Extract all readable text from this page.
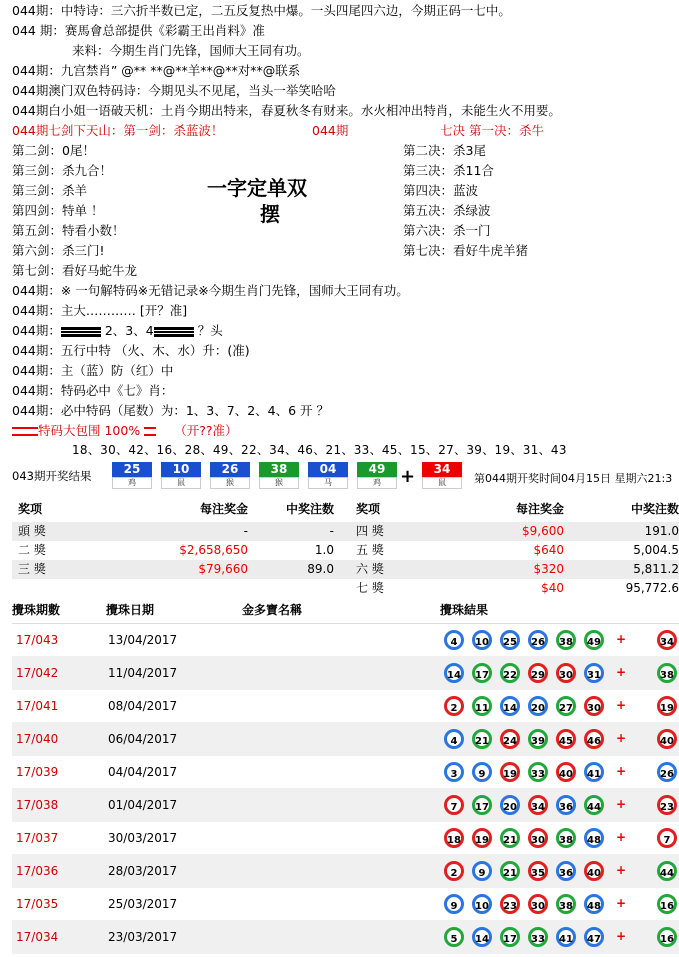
044期：中特诗：三六折半数已定，二五反复热中爆。一头四尾四六边，今期正码一七中。
044 期：赛馬會总部提供《彩霸王出肖料》准
来料：今期生肖门先锋，国师大王同有功。
044期：九宫禁肖” @** **@**羊**@**对**@联系
044期澳门双色特码诗：今期见头不见尾，当头一举笑哈哈
044期白小姐一语破天机：土肖今期出特来，春夏秋冬有财来。水火相冲出特肖，未能生火不用要。
044期七剑下天山：第一剑：杀蓝波！	044期	七决 第一决：杀牛
第二剑：0尾！
第三剑：杀九合！
第三剑：杀羊
第四剑：特单 ！
第五剑：特看小数！
第六剑：杀三门!
第七剑：看好马蛇牛龙
第二决：杀3尾
第三决：杀11合
第四决：蓝波
第五决：杀绿波
第六决：杀一门
第七决：看好牛虎羊猪
一字定单双
摆
044期：※ 一句解特码※无错记录※今期生肖门先锋，国师大王同有功。
044期：主大………… [开？准]
044期：	2、3、4	？头
044期：五行中特 （火、木、水）升：(准)
044期：主（蓝）防（红）中
044期：特码必中《七》肖：
044期：必中特码（尾数）为：1、3、7、2、4、6 开 ？
特码大包围 100%	（开??准）
18、30、42、16、28、49、22、34、46、21、33、45、15、27、39、19、31、43
043期开奖结果	25
鸡
10
鼠
26
猴
38
猴
04
马
49
鸡
34
鼠
+	第044期开奖时间04月15日 星期六21:3
奖项	每注奖金	中奖注数 奖项	每注奖金	中奖注数
頭 獎	-	- 四 獎	$9,600	191.0
二 獎	$2,658,650	1.0 五 獎	$640	5,004.5
三 獎	$79,660	89.0 六 獎	$320	5,811.2
七 獎	$40	95,772.6
攪珠期數	攪珠日期	金多寶名稱	攪珠結果
17/043	13/04/2017	4	10	25	26	38	49 +	34
17/042	11/04/2017	14	17	22	29	30	31 +	38
17/041	08/04/2017	2	11	14	20	27	30 +	19
17/040	06/04/2017	4	21	24	39	45	46 +	40
17/039	04/04/2017	3	9	19	33	40	41 +	26
17/038	01/04/2017	7	17	20	34	36	44 +	23
17/037	30/03/2017	18	19	21	30	38	48 +	7
17/036	28/03/2017	2	9	21	35	36	40 +	44
17/035	25/03/2017	9	10	23	30	38	48 +	16
17/034	23/03/2017	5	14	17	33	41	47 +	16
